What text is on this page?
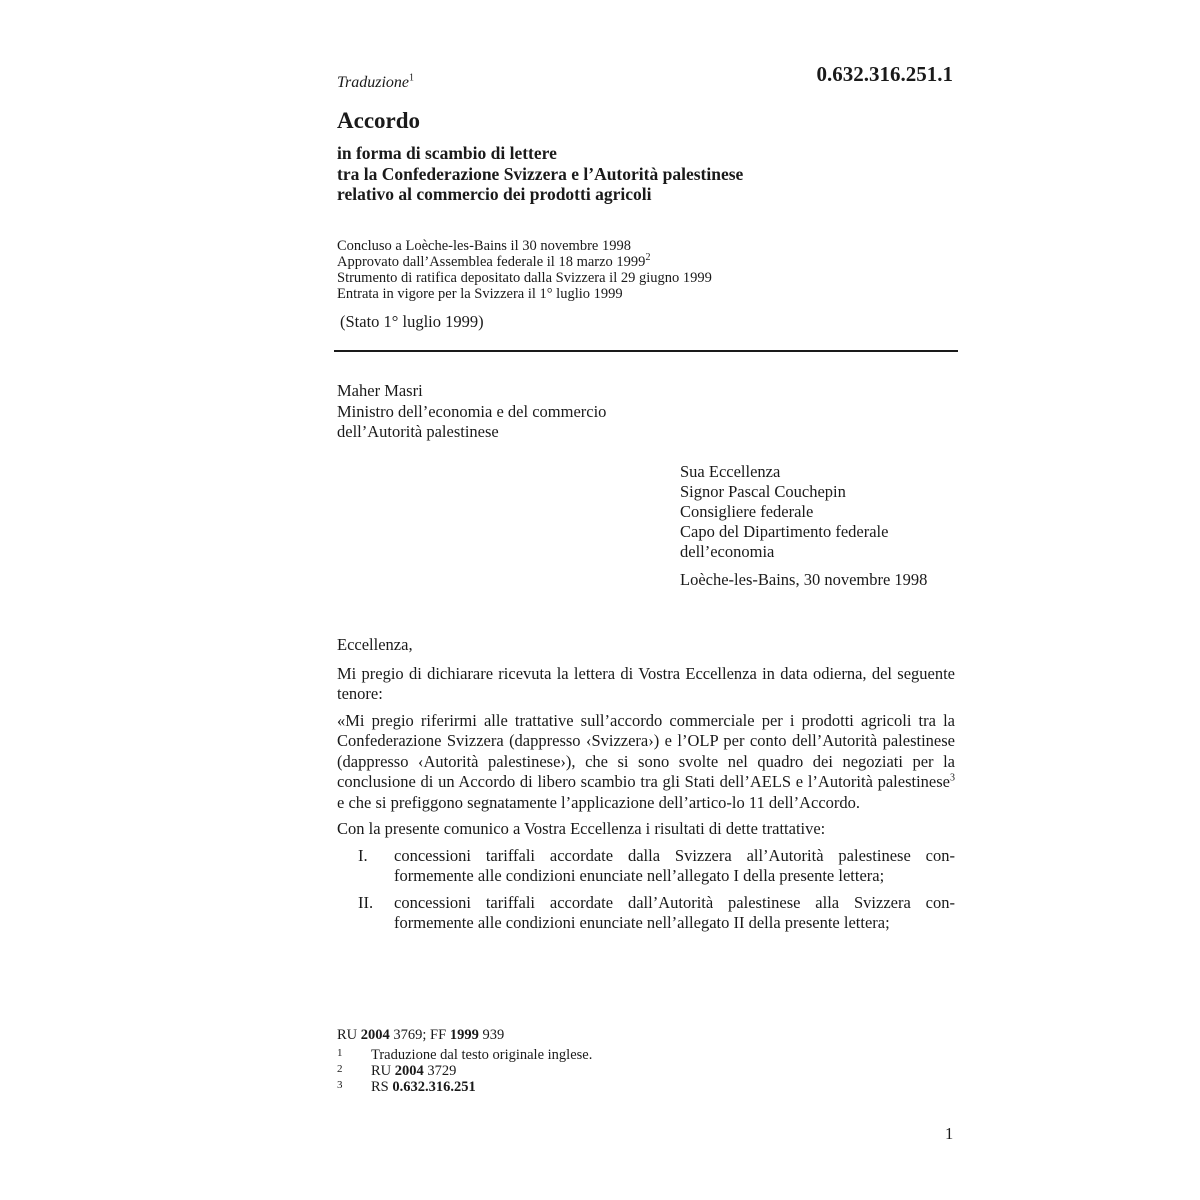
Traduzione$^1$	0.632.316.251.1
Accordo
in forma di scambio di lettere
tra la Confederazione Svizzera e l’Autorità palestinese
relativo al commercio dei prodotti agricoli
Concluso a Loèche-les-Bains il 30 novembre 1998
Approvato dall’Assemblea federale il 18 marzo 1999$^2$
Strumento di ratifica depositato dalla Svizzera il 29 giugno 1999
Entrata in vigore per la Svizzera il 1° luglio 1999
(Stato 1° luglio 1999)
Maher Masri
Ministro dell’economia e del commercio
dell’Autorità palestinese
Sua Eccellenza
Signor Pascal Couchepin
Consigliere federale
Capo del Dipartimento federale
dell’economia
Loèche-les-Bains, 30 novembre 1998

Eccellenza,

Mi pregio di dichiarare ricevuta la lettera di Vostra Eccellenza in data odierna, del seguente tenore:

«Mi pregio riferirmi alle trattative sull’accordo commerciale per i prodotti agricoli tra la Confederazione Svizzera (dappresso ‹Svizzera›) e l’OLP per conto dell’Autorità palestinese (dappresso ‹Autorità palestinese›), che si sono svolte nel quadro dei negoziati per la conclusione di un Accordo di libero scambio tra gli Stati dell’AELS e l’Autorità palestinese$^3$ e che si prefiggono segnatamente l’applicazione dell’artico-lo 11 dell’Accordo.

Con la presente comunico a Vostra Eccellenza i risultati di dette trattative:

I. concessioni tariffali accordate dalla Svizzera all’Autorità palestinese con-formemente alle condizioni enunciate nell’allegato I della presente lettera;
II. concessioni tariffali accordate dall’Autorità palestinese alla Svizzera con-formemente alle condizioni enunciate nell’allegato II della presente lettera;
RU 2004 3769; FF 1999 939
1 Traduzione dal testo originale inglese.
2 RU 2004 3729
3 RS 0.632.316.251
1
